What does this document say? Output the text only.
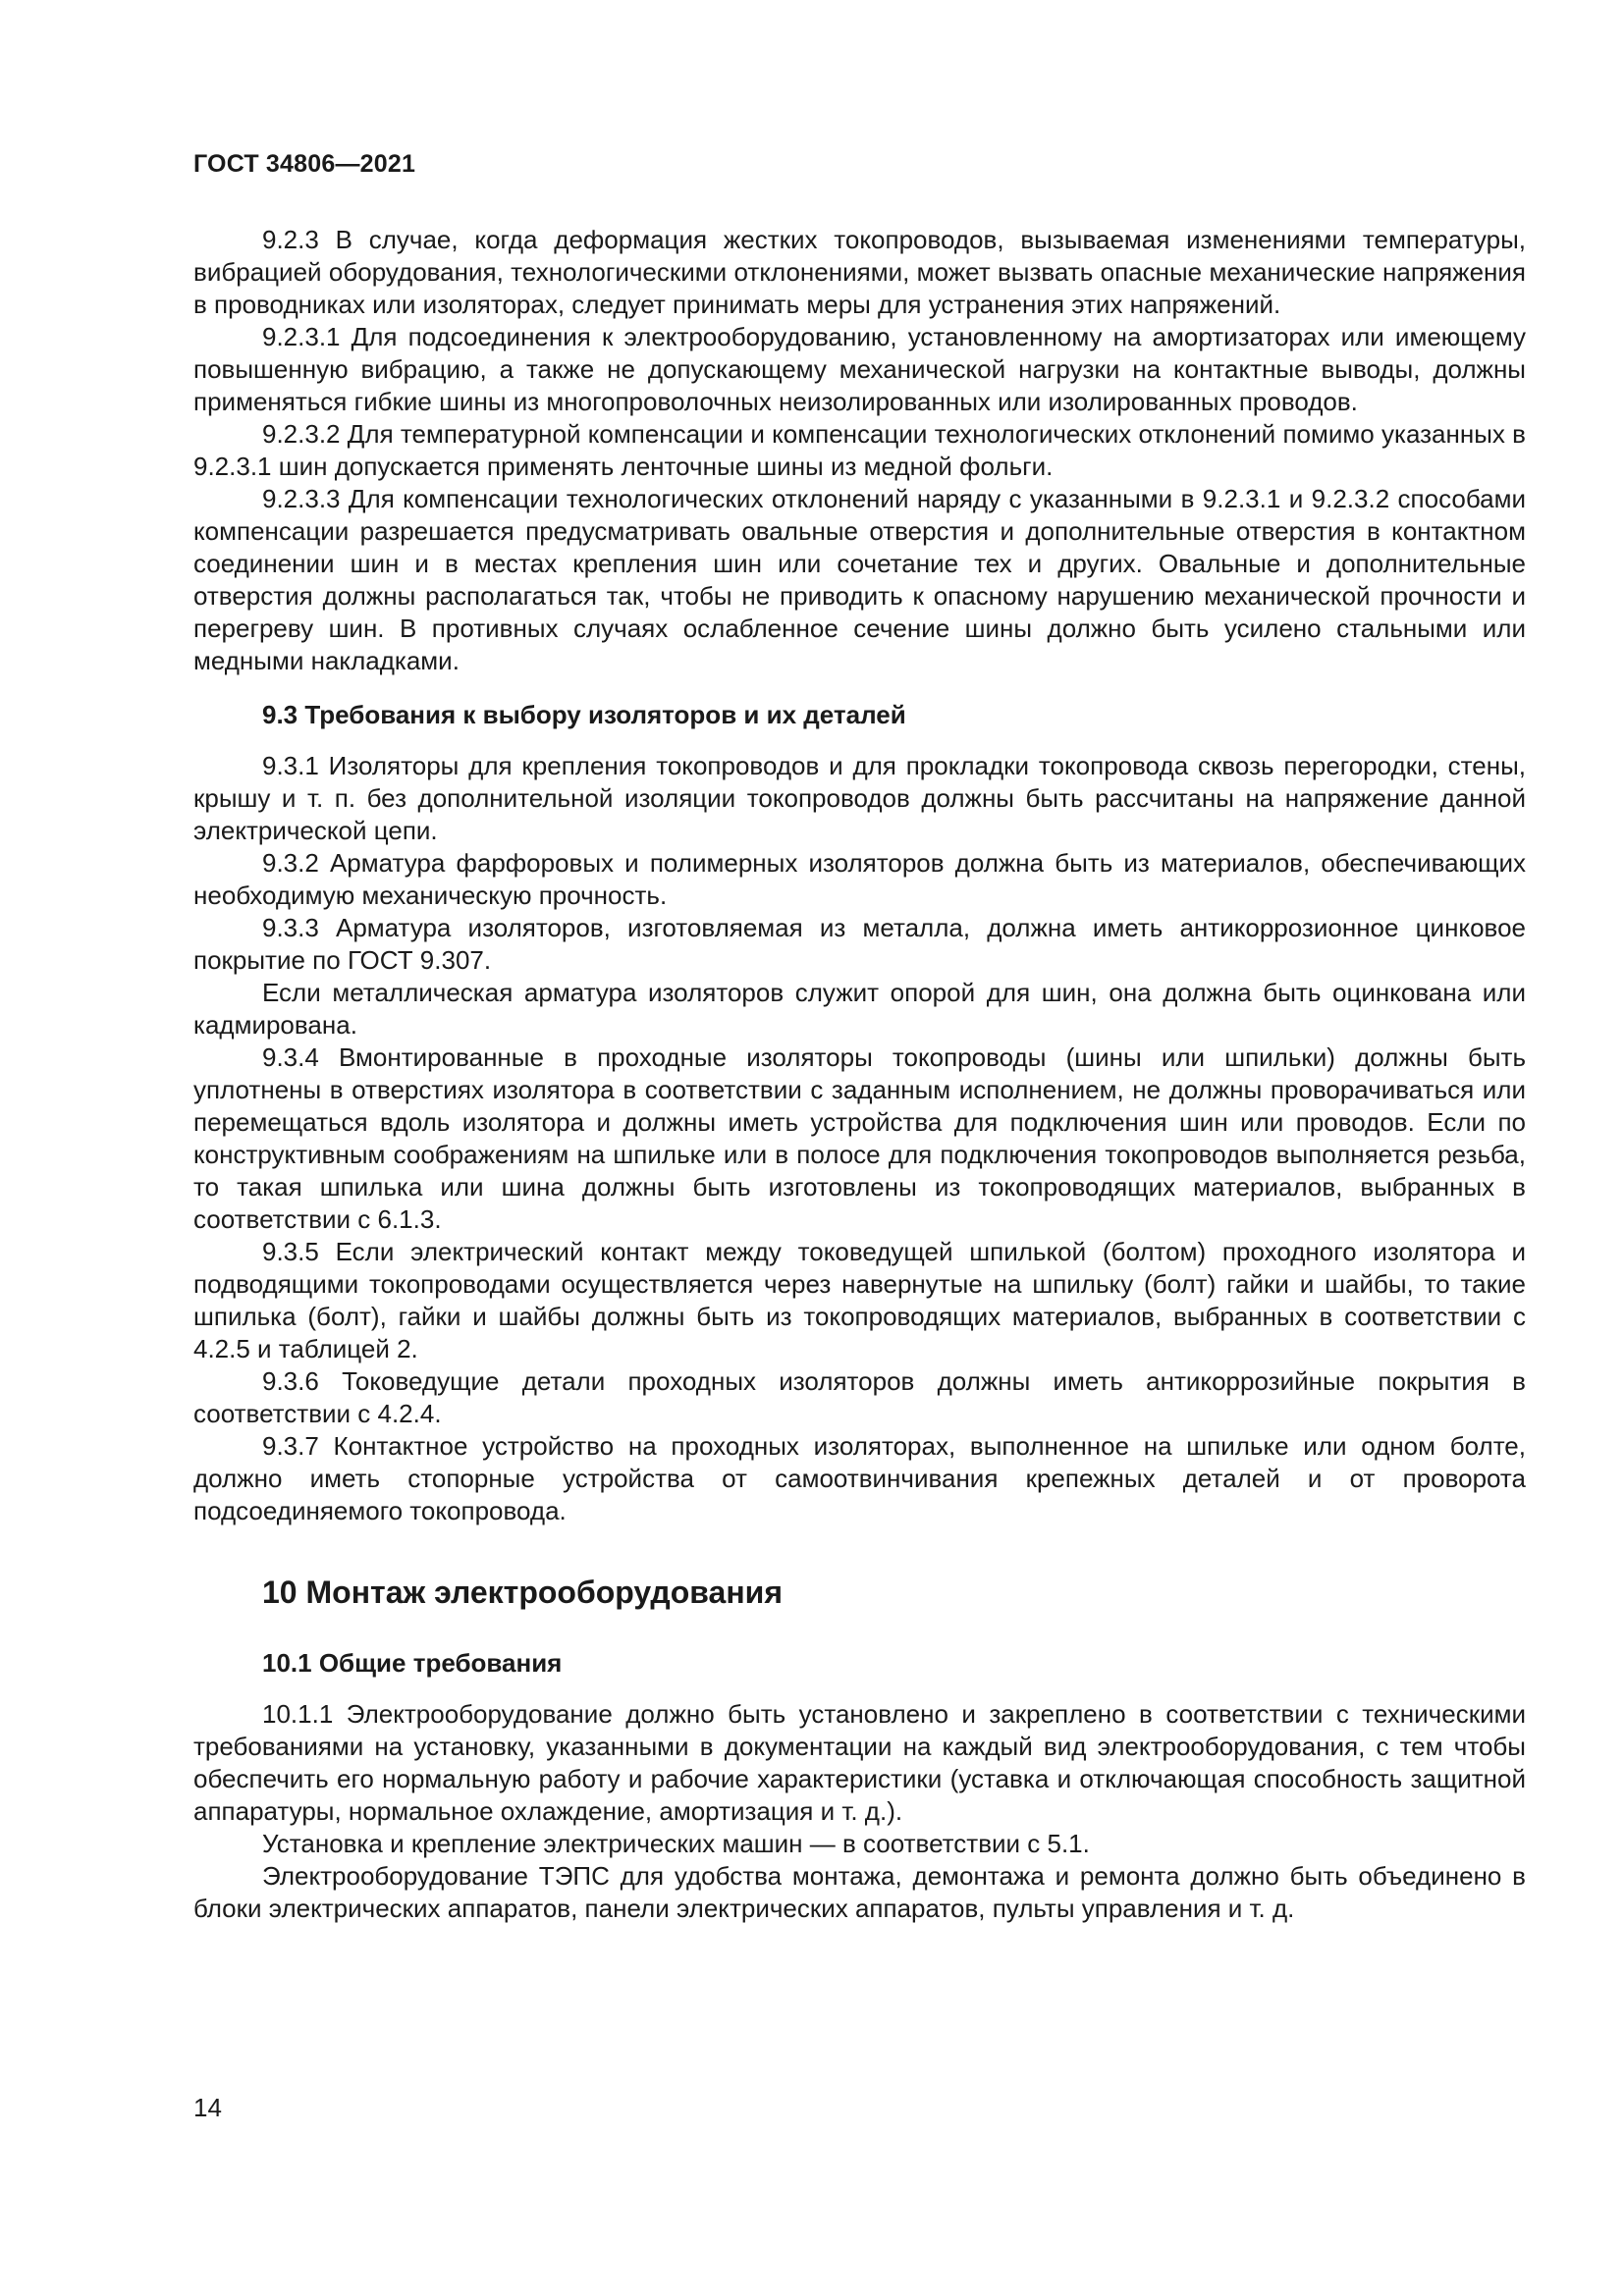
ГОСТ 34806—2021

9.2.3 В случае, когда деформация жестких токопроводов, вызываемая изменениями температуры, вибрацией оборудования, технологическими отклонениями, может вызвать опасные механические напряжения в проводниках или изоляторах, следует принимать меры для устранения этих напряжений.

9.2.3.1 Для подсоединения к электрооборудованию, установленному на амортизаторах или имеющему повышенную вибрацию, а также не допускающему механической нагрузки на контактные выводы, должны применяться гибкие шины из многопроволочных неизолированных или изолированных проводов.

9.2.3.2 Для температурной компенсации и компенсации технологических отклонений помимо указанных в 9.2.3.1 шин допускается применять ленточные шины из медной фольги.

9.2.3.3 Для компенсации технологических отклонений наряду с указанными в 9.2.3.1 и 9.2.3.2 способами компенсации разрешается предусматривать овальные отверстия и дополнительные отверстия в контактном соединении шин и в местах крепления шин или сочетание тех и других. Овальные и дополнительные отверстия должны располагаться так, чтобы не приводить к опасному нарушению механической прочности и перегреву шин. В противных случаях ослабленное сечение шины должно быть усилено стальными или медными накладками.

9.3 Требования к выбору изоляторов и их деталей

9.3.1 Изоляторы для крепления токопроводов и для прокладки токопровода сквозь перегородки, стены, крышу и т. п. без дополнительной изоляции токопроводов должны быть рассчитаны на напряжение данной электрической цепи.

9.3.2 Арматура фарфоровых и полимерных изоляторов должна быть из материалов, обеспечивающих необходимую механическую прочность.

9.3.3 Арматура изоляторов, изготовляемая из металла, должна иметь антикоррозионное цинковое покрытие по ГОСТ 9.307.

Если металлическая арматура изоляторов служит опорой для шин, она должна быть оцинкована или кадмирована.

9.3.4 Вмонтированные в проходные изоляторы токопроводы (шины или шпильки) должны быть уплотнены в отверстиях изолятора в соответствии с заданным исполнением, не должны проворачиваться или перемещаться вдоль изолятора и должны иметь устройства для подключения шин или проводов. Если по конструктивным соображениям на шпильке или в полосе для подключения токопроводов выполняется резьба, то такая шпилька или шина должны быть изготовлены из токопроводящих материалов, выбранных в соответствии с 6.1.3.

9.3.5 Если электрический контакт между токоведущей шпилькой (болтом) проходного изолятора и подводящими токопроводами осуществляется через навернутые на шпильку (болт) гайки и шайбы, то такие шпилька (болт), гайки и шайбы должны быть из токопроводящих материалов, выбранных в соответствии с 4.2.5 и таблицей 2.

9.3.6 Токоведущие детали проходных изоляторов должны иметь антикоррозийные покрытия в соответствии с 4.2.4.

9.3.7 Контактное устройство на проходных изоляторах, выполненное на шпильке или одном болте, должно иметь стопорные устройства от самоотвинчивания крепежных деталей и от проворота подсоединяемого токопровода.

10 Монтаж электрооборудования
10.1 Общие требования

10.1.1 Электрооборудование должно быть установлено и закреплено в соответствии с техническими требованиями на установку, указанными в документации на каждый вид электрооборудования, с тем чтобы обеспечить его нормальную работу и рабочие характеристики (уставка и отключающая способность защитной аппаратуры, нормальное охлаждение, амортизация и т. д.).

Установка и крепление электрических машин — в соответствии с 5.1.

Электрооборудование ТЭПС для удобства монтажа, демонтажа и ремонта должно быть объединено в блоки электрических аппаратов, панели электрических аппаратов, пульты управления и т. д.

14
